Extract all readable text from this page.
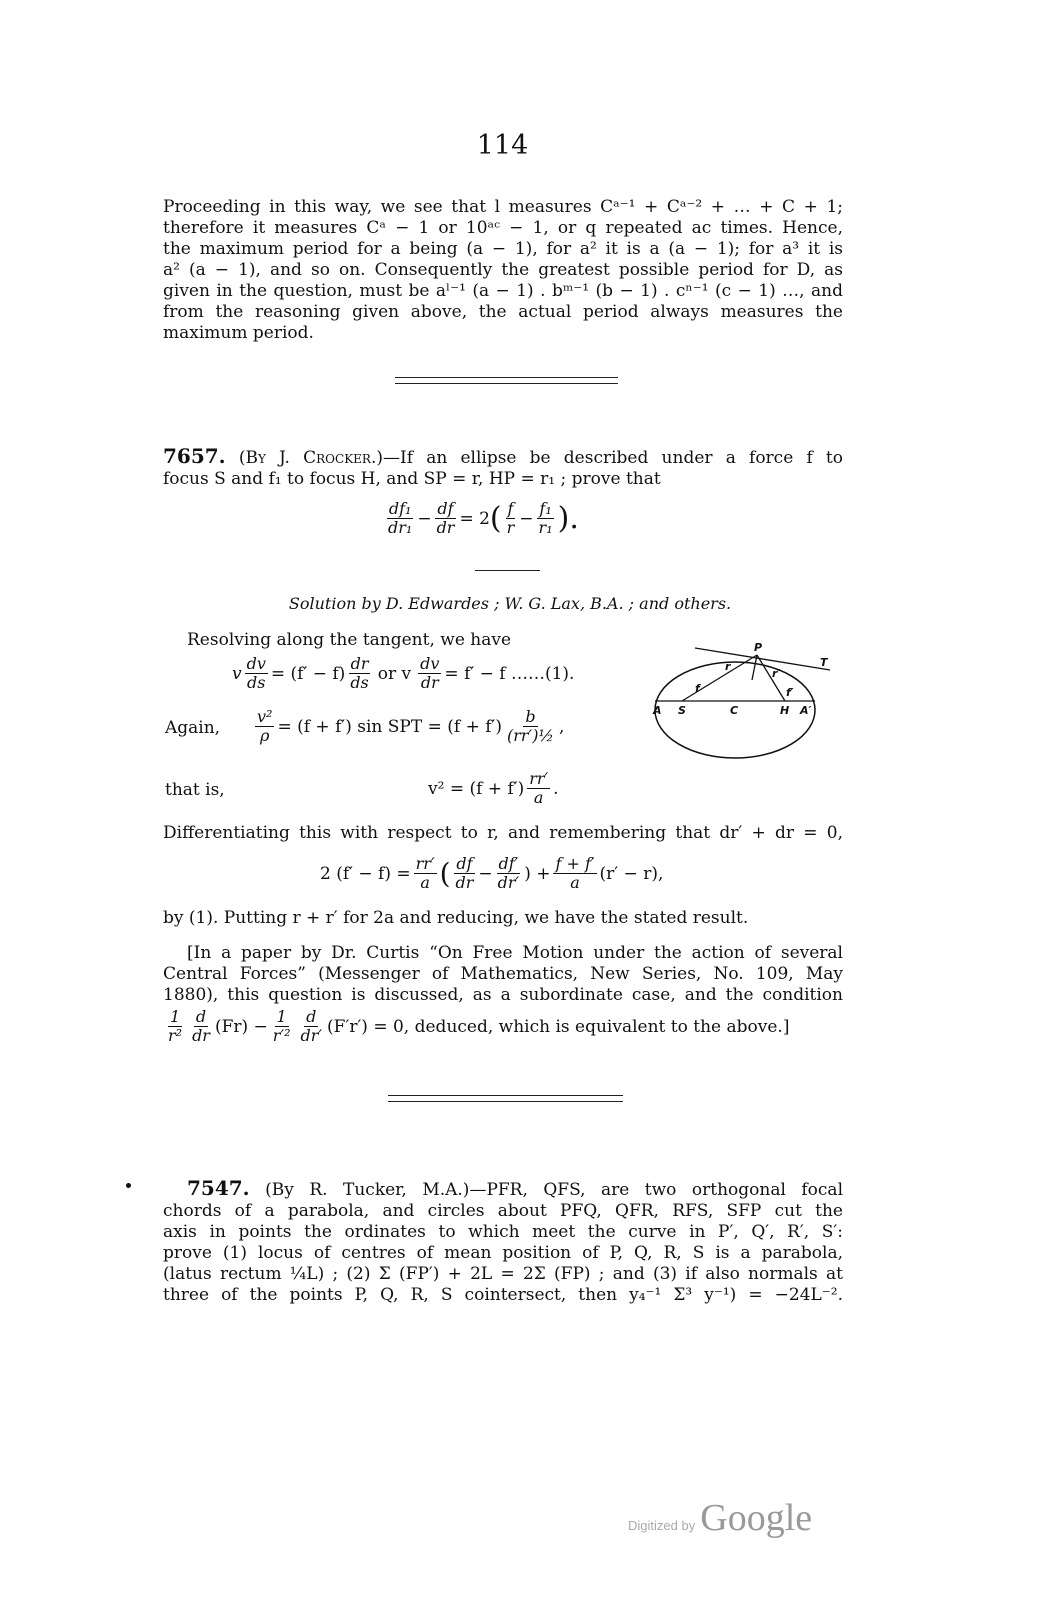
114
Proceeding in this way, we see that l measures Cᵃ⁻¹ + Cᵃ⁻² + … + C + 1;
therefore it measures Cᵃ − 1 or 10ᵃᶜ − 1, or q repeated ac times. Hence,
the maximum period for a being (a − 1), for a² it is a (a − 1); for a³ it is
a² (a − 1), and so on. Consequently the greatest possible period for D, as
given in the question, must be aˡ⁻¹ (a − 1) . bᵐ⁻¹ (b − 1) . cⁿ⁻¹ (c − 1) …, and
from the reasoning given above, the actual period always measures the
maximum period.
7657. (By J. Crocker.)—If an ellipse be described under a force f to
focus S and f₁ to focus H, and SP = r, HP = r₁ ; prove that
$\frac{\text{df₁}}{\text{dr₁}} - \frac{df}{dr} = 2$ ( $\frac{f}{r} - \frac{\text{f₁}}{\text{r₁}}$ ).
Solution by D. Edwardes ; W. G. Lax, B.A. ; and others.
Resolving along the tangent, we have
v $\frac{dv}{ds} = (f' - f) \frac{dr}{ds}$ or v $\frac{dv}{dr} = f' - f$ ……(1).
Again, $\frac{\text{v²}}{\rho} = (f + f')$ sin SPT = $(f + f') \frac{b}{\text{(rr′)½}}$ ,
that is,	$v^2 = (f + f') \frac{rr'}{a}$ .
Differentiating this with respect to r, and remembering that dr′ + dr = 0,
2 $(f' - f) = \frac{rr'}{a}$ ( $\frac{df}{dr} - \frac{df'}{dr'}$ ) + $\frac{f + f'}{a} (r' - r)$,
by (1). Putting r + r′ for 2a and reducing, we have the stated result.
[In a paper by Dr. Curtis “On Free Motion under the action of several
Central Forces” (Messenger of Mathematics, New Series, No. 109, May
1880), this question is discussed, as a subordinate case, and the condition
$\frac{1}{\text{r²}} \frac{d}{dr} (Fr) - \frac{1}{\text{r′²}} \frac{d}{dr'} (F'r') = 0$, deduced, which is equivalent to the above.]
P
T
A S	C	H A′
r
r′
f	f′
7547. (By R. Tucker, M.A.)—PFR, QFS, are two orthogonal focal
chords of a parabola, and circles about PFQ, QFR, RFS, SFP cut the
axis in points the ordinates to which meet the curve in P′, Q′, R′, S′:
prove (1) locus of centres of mean position of P, Q, R, S is a parabola,
(latus rectum ¼L) ; (2) Σ (FP′) + 2L = 2Σ (FP) ; and (3) if also normals at
three of the points P, Q, R, S cointersect, then y₄⁻¹ Σ³ y⁻¹) = −24L⁻².
Digitized by Google
